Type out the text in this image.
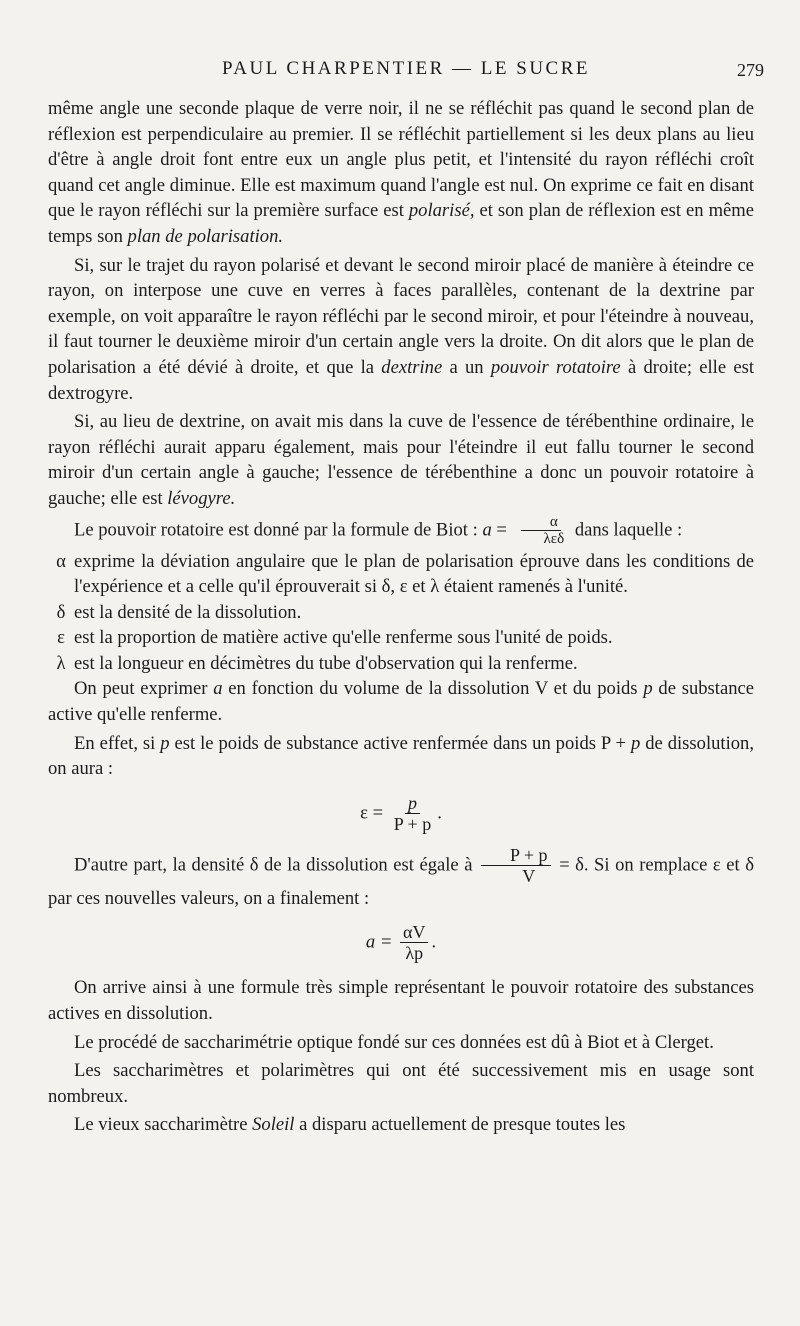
PAUL CHARPENTIER — LE SUCRE	279

même angle une seconde plaque de verre noir, il ne se réfléchit pas quand le second plan de réflexion est perpendiculaire au premier. Il se réfléchit partiellement si les deux plans au lieu d'être à angle droit font entre eux un angle plus petit, et l'intensité du rayon réfléchi croît quand cet angle diminue. Elle est maximum quand l'angle est nul. On exprime ce fait en disant que le rayon réfléchi sur la première surface est polarisé, et son plan de réflexion est en même temps son plan de polarisation.

Si, sur le trajet du rayon polarisé et devant le second miroir placé de manière à éteindre ce rayon, on interpose une cuve en verres à faces parallèles, contenant de la dextrine par exemple, on voit apparaître le rayon réfléchi par le second miroir, et pour l'éteindre à nouveau, il faut tourner le deuxième miroir d'un certain angle vers la droite. On dit alors que le plan de polarisation a été dévié à droite, et que la dextrine a un pouvoir rotatoire à droite; elle est dextrogyre.

Si, au lieu de dextrine, on avait mis dans la cuve de l'essence de térébenthine ordinaire, le rayon réfléchi aurait apparu également, mais pour l'éteindre il eut fallu tourner le second miroir d'un certain angle à gauche; l'essence de térébenthine a donc un pouvoir rotatoire à gauche; elle est lévogyre.

Le pouvoir rotatoire est donné par la formule de Biot : $a = \frac{\alpha}{\text{λεδ}}$ dans laquelle :

α exprime la déviation angulaire que le plan de polarisation éprouve dans les conditions de l'expérience et a celle qu'il éprouverait si δ, ε et λ étaient ramenés à l'unité.
δ est la densité de la dissolution.
ε est la proportion de matière active qu'elle renferme sous l'unité de poids.
λ est la longueur en décimètres du tube d'observation qui la renferme.

On peut exprimer a en fonction du volume de la dissolution V et du poids p de substance active qu'elle renferme.

En effet, si p est le poids de substance active renfermée dans un poids P + p de dissolution, on aura :

$\varepsilon = \frac{p}{P + p}$ .

D'autre part, la densité δ de la dissolution est égale à $\frac{P + p}{V} = \delta$. Si on remplace ε et δ par ces nouvelles valeurs, on a finalement :

$a = \frac{\alpha V}{\lambda p}$ .

On arrive ainsi à une formule très simple représentant le pouvoir rotatoire des substances actives en dissolution.

Le procédé de saccharimétrie optique fondé sur ces données est dû à Biot et à Clerget.

Les saccharimètres et polarimètres qui ont été successivement mis en usage sont nombreux.

Le vieux saccharimètre Soleil a disparu actuellement de presque toutes les
